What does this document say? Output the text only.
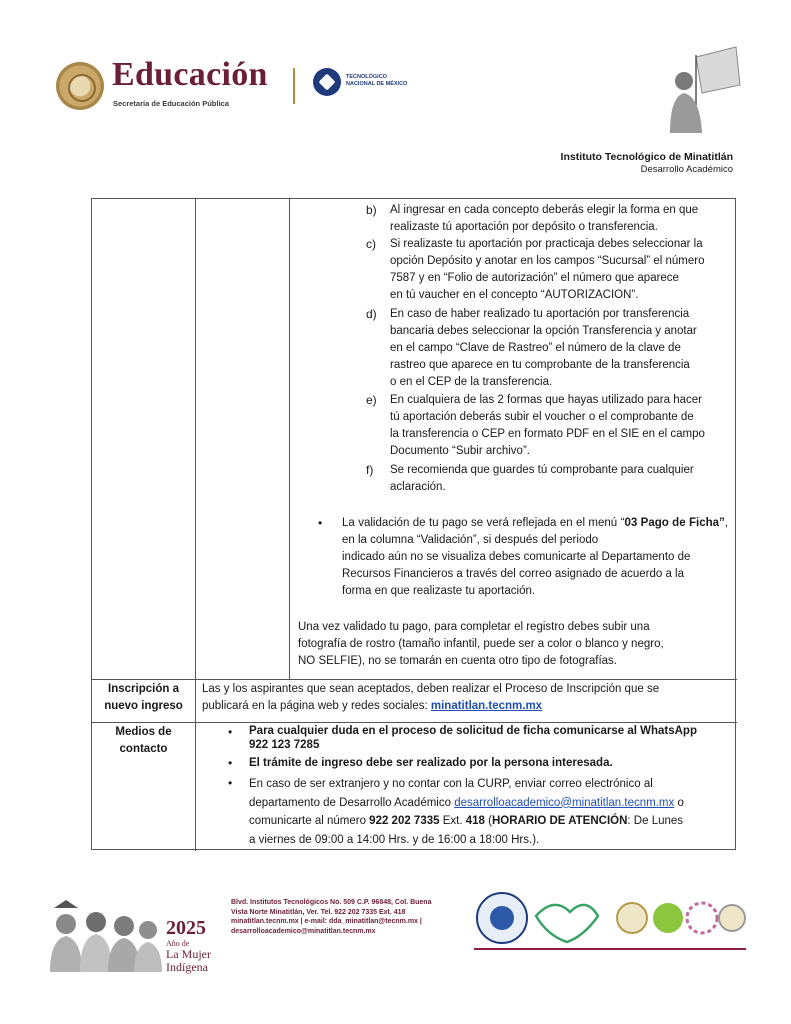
Educación
Secretaría de Educación Pública
TECNOLÓGICO NACIONAL DE MÉXICO
Instituto Tecnológico de Minatitlán
Desarrollo Académico
b) Al ingresar en cada concepto deberás elegir la forma en que
realizaste tú aportación por depósito o transferencia.
c) Si realizaste tu aportación por practicaja debes seleccionar la
opción Depósito y anotar en los campos “Sucursal” el número
7587 y en “Folio de autorización” el número que aparece
en tú vaucher en el concepto “AUTORIZACION”.
d) En caso de haber realizado tu aportación por transferencia
bancaria debes seleccionar la opción Transferencia y anotar
en el campo “Clave de Rastreo” el número de la clave de
rastreo que aparece en tu comprobante de la transferencia
o en el CEP de la transferencia.
e) En cualquiera de las 2 formas que hayas utilizado para hacer
tú aportación deberás subir el voucher o el comprobante de
la transferencia o CEP en formato PDF en el SIE en el campo
Documento “Subir archivo”.
f) Se recomienda que guardes tú comprobante para cualquier
aclaración.
• La validación de tu pago se verá reflejada en el menú “03 Pago de Ficha”, en la columna “Validación”, si después del periodo
indicado aún no se visualiza debes comunicarte al Departamento de
Recursos Financieros a través del correo asignado de acuerdo a la
forma en que realizaste tu aportación.
Una vez validado tu pago, para completar el registro debes subir una
fotografía de rostro (tamaño infantil, puede ser a color o blanco y negro,
NO SELFIE), no se tomarán en cuenta otro tipo de fotografías.
Inscripción a
nuevo ingreso
Las y los aspirantes que sean aceptados, deben realizar el Proceso de Inscripción que se
publicará en la página web y redes sociales: minatitlan.tecnm.mx
Medios de
contacto
• Para cualquier duda en el proceso de solicitud de ficha comunicarse al WhatsApp
922 123 7285
• El trámite de ingreso debe ser realizado por la persona interesada.
• En caso de ser extranjero y no contar con la CURP, enviar correo electrónico al
departamento de Desarrollo Académico desarrolloacademico@minatitlan.tecnm.mx o
comunicarte al número 922 202 7335 Ext. 418 (HORARIO DE ATENCIÓN: De Lunes
a viernes de 09:00 a 14:00 Hrs. y de 16:00 a 18:00 Hrs.).
2025
Año de
La Mujer
Indígena
Blvd. Institutos Tecnológicos No. 509 C.P. 96848, Col. Buena
Vista Norte Minatitlán, Ver. Tel. 922 202 7335 Ext. 418
minatitlan.tecnm.mx | e-mail: dda_minatitlan@tecnm.mx |
desarrolloacademico@minatitlan.tecnm.mx
